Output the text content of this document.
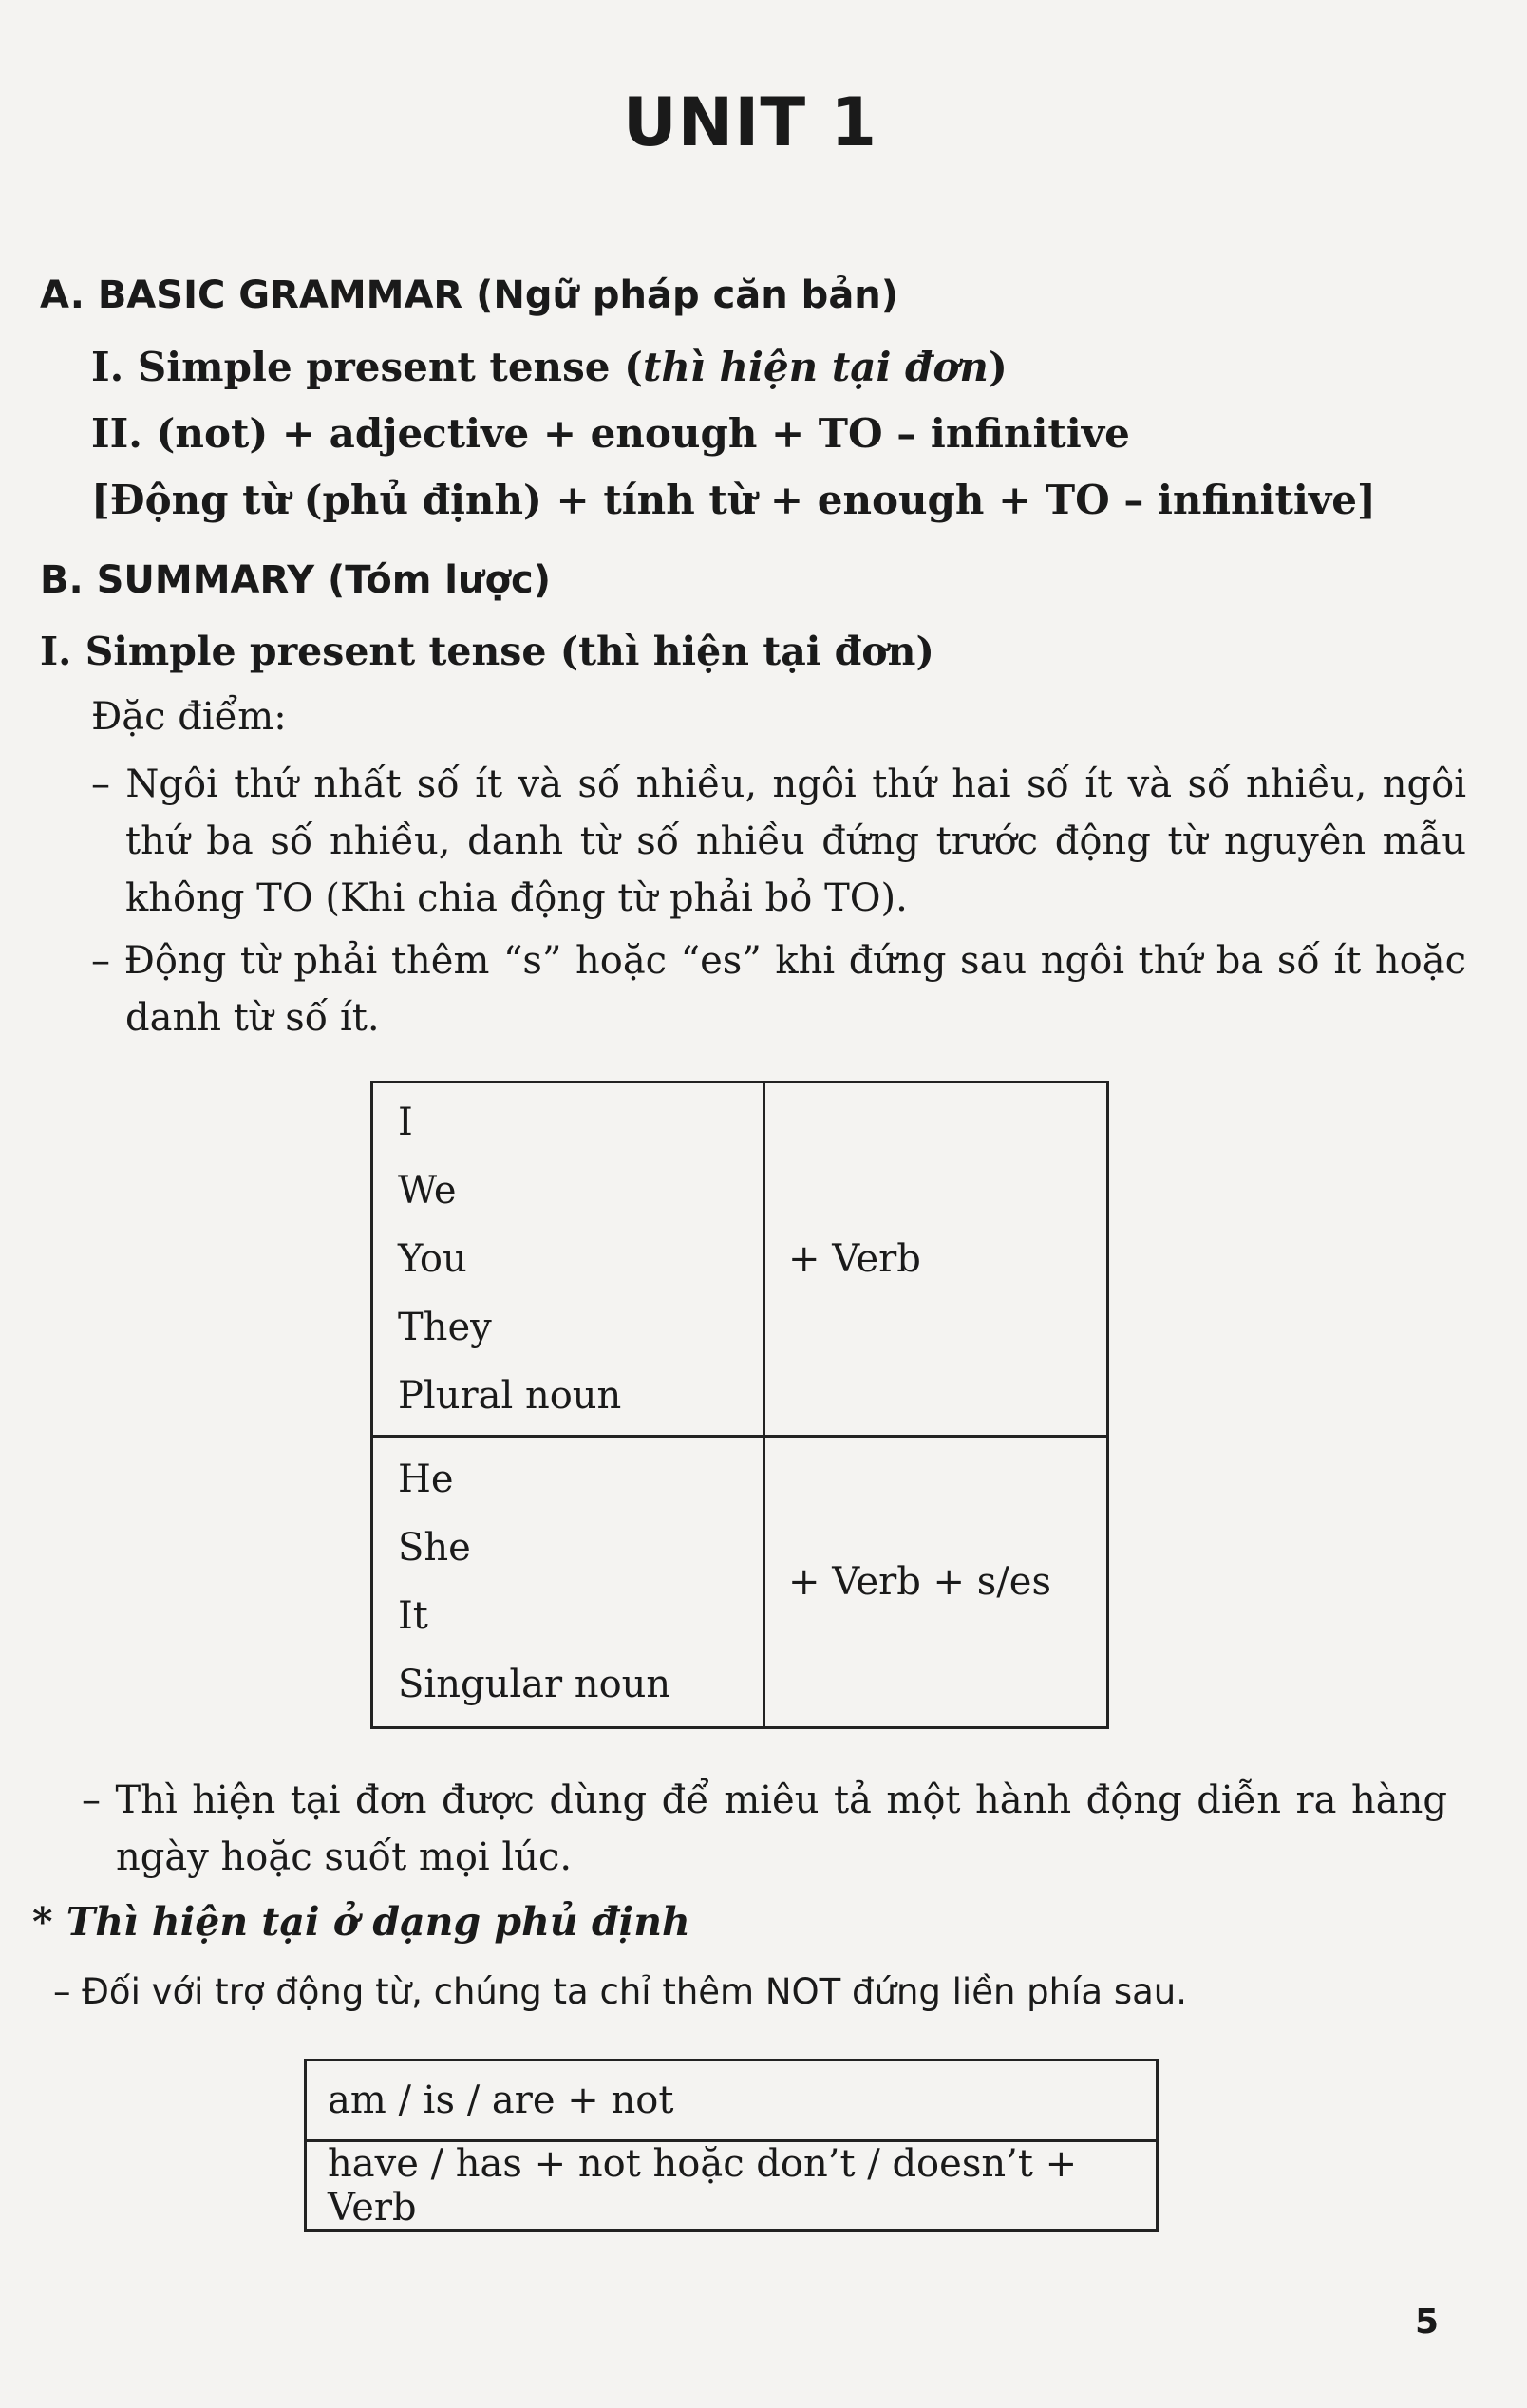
UNIT 1
A. BASIC GRAMMAR (Ngữ pháp căn bản)
I. Simple present tense (thì hiện tại đơn)
II. (not) + adjective + enough + TO – infinitive
[Động từ (phủ định) + tính từ + enough + TO – infinitive]
B. SUMMARY (Tóm lược)
I. Simple present tense (thì hiện tại đơn)
Đặc điểm:
– Ngôi thứ nhất số ít và số nhiều, ngôi thứ hai số ít và số nhiều, ngôi thứ ba số nhiều, danh từ số nhiều đứng trước động từ nguyên mẫu không TO (Khi chia động từ phải bỏ TO).
– Động từ phải thêm “s” hoặc “es” khi đứng sau ngôi thứ ba số ít hoặc danh từ số ít.
I
We
You
They
Plural noun	+ Verb

He
She
It
Singular noun	+ Verb + s/es
– Thì hiện tại đơn được dùng để miêu tả một hành động diễn ra hàng ngày hoặc suốt mọi lúc.
* Thì hiện tại ở dạng phủ định
– Đối với trợ động từ, chúng ta chỉ thêm NOT đứng liền phía sau.
am / is / are + not
have / has + not hoặc don’t / doesn’t + Verb
5
